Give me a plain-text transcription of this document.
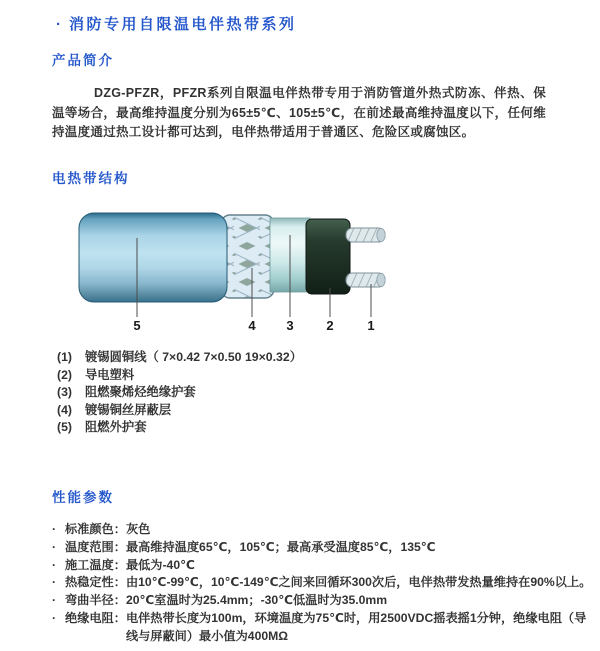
· 消防专用自限温电伴热带系列
产品简介

DZG-PFZR，PFZR系列自限温电伴热带专用于消防管道外热式防冻、伴热、保温等场合，最高维持温度分别为65±5℃、105±5℃，在前述最高维持温度以下，任何维持温度通过热工设计都可达到，电伴热带适用于普通区、危险区或腐蚀区。

电热带结构
5	4	3	2	1
(1)	镀锡圆铜线（ 7×0.42 7×0.50 19×0.32）
(2)	导电塑料
(3)	阻燃聚烯烃绝缘护套
(4)	镀锡铜丝屏蔽层
(5)	阻燃外护套
性能参数
· 标准颜色： 灰色
· 温度范围： 最高维持温度65℃，105℃；最高承受温度85℃，135℃
· 施工温度： 最低为-40℃
· 热稳定性： 由10℃-99℃，10℃-149℃之间来回循环300次后，电伴热带发热量维持在90%以上。
· 弯曲半径： 20℃室温时为25.4mm；-30℃低温时为35.0mm
· 绝缘电阻： 电伴热带长度为100m，环境温度为75℃时，用2500VDC摇表摇1分钟，绝缘电阻（导线与屏蔽间）最小值为400MΩ
